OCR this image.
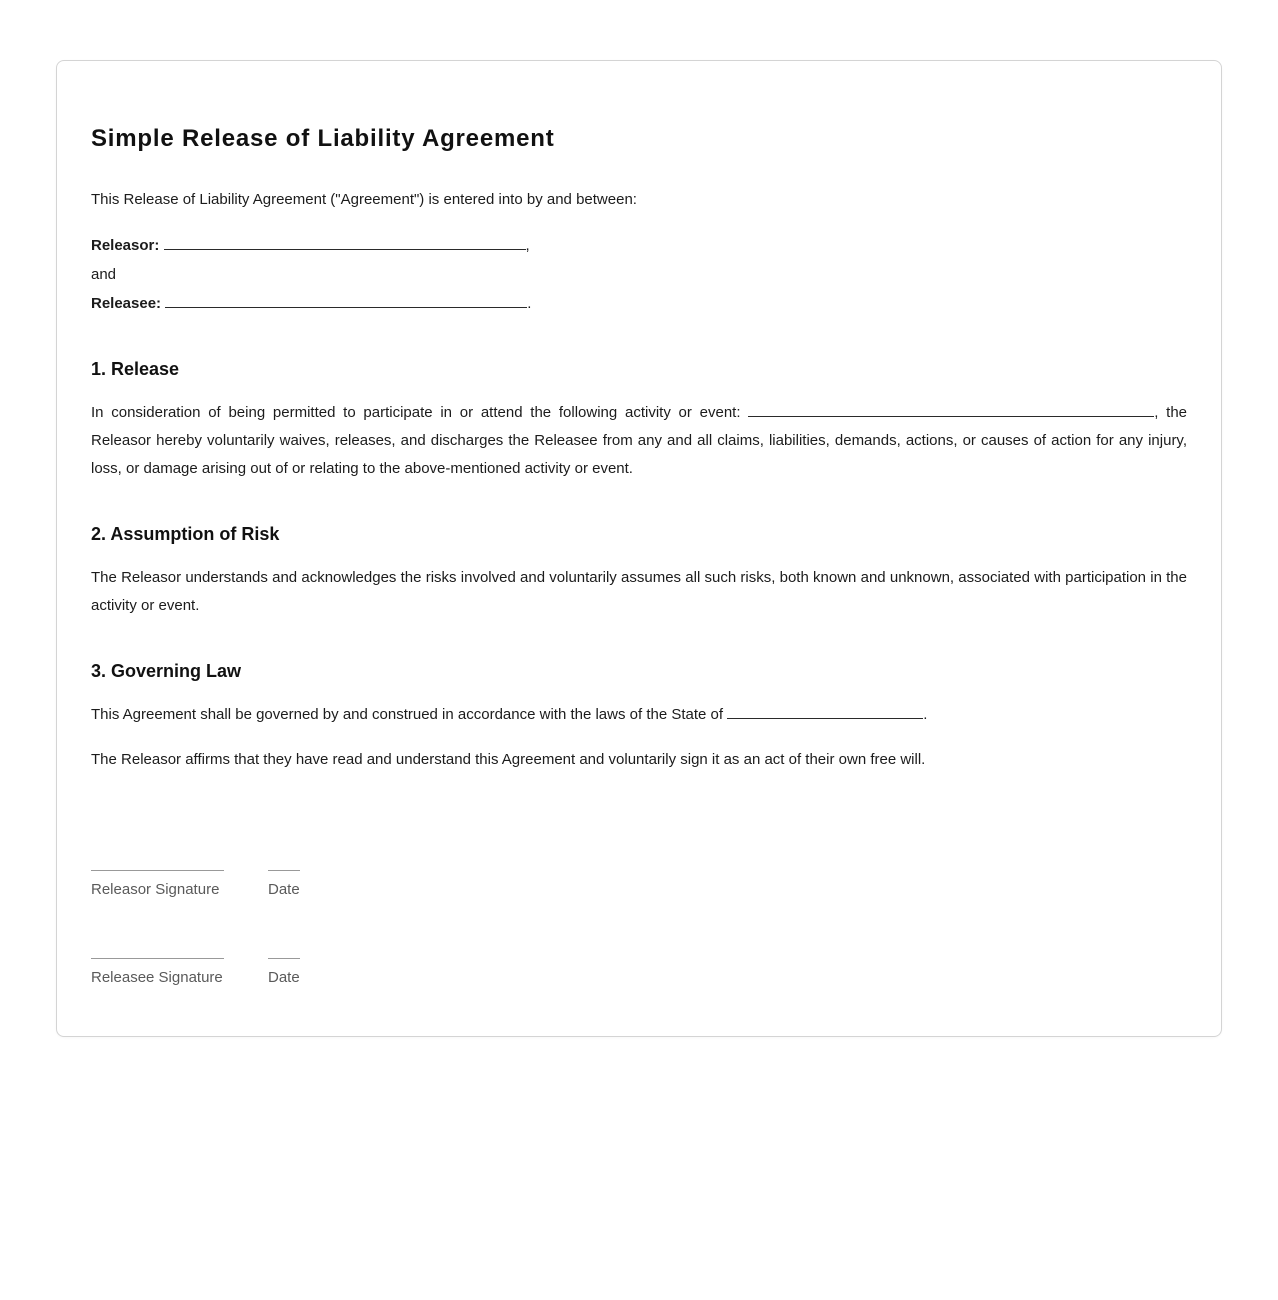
Simple Release of Liability Agreement

This Release of Liability Agreement ("Agreement") is entered into by and between:

Releasor:	,
and
Releasee:	.
1. Release

In consideration of being permitted to participate in or attend the following activity or event:	, the Releasor hereby voluntarily waives, releases, and discharges the Releasee from any and all claims, liabilities, demands, actions, or causes of action for any injury, loss, or damage arising out of or relating to the above-mentioned activity or event.

2. Assumption of Risk

The Releasor understands and acknowledges the risks involved and voluntarily assumes all such risks, both known and unknown, associated with participation in the activity or event.

3. Governing Law

This Agreement shall be governed by and construed in accordance with the laws of the State of	.

The Releasor affirms that they have read and understand this Agreement and voluntarily sign it as an act of their own free will.

Releasor Signature	Date
Releasee Signature	Date
